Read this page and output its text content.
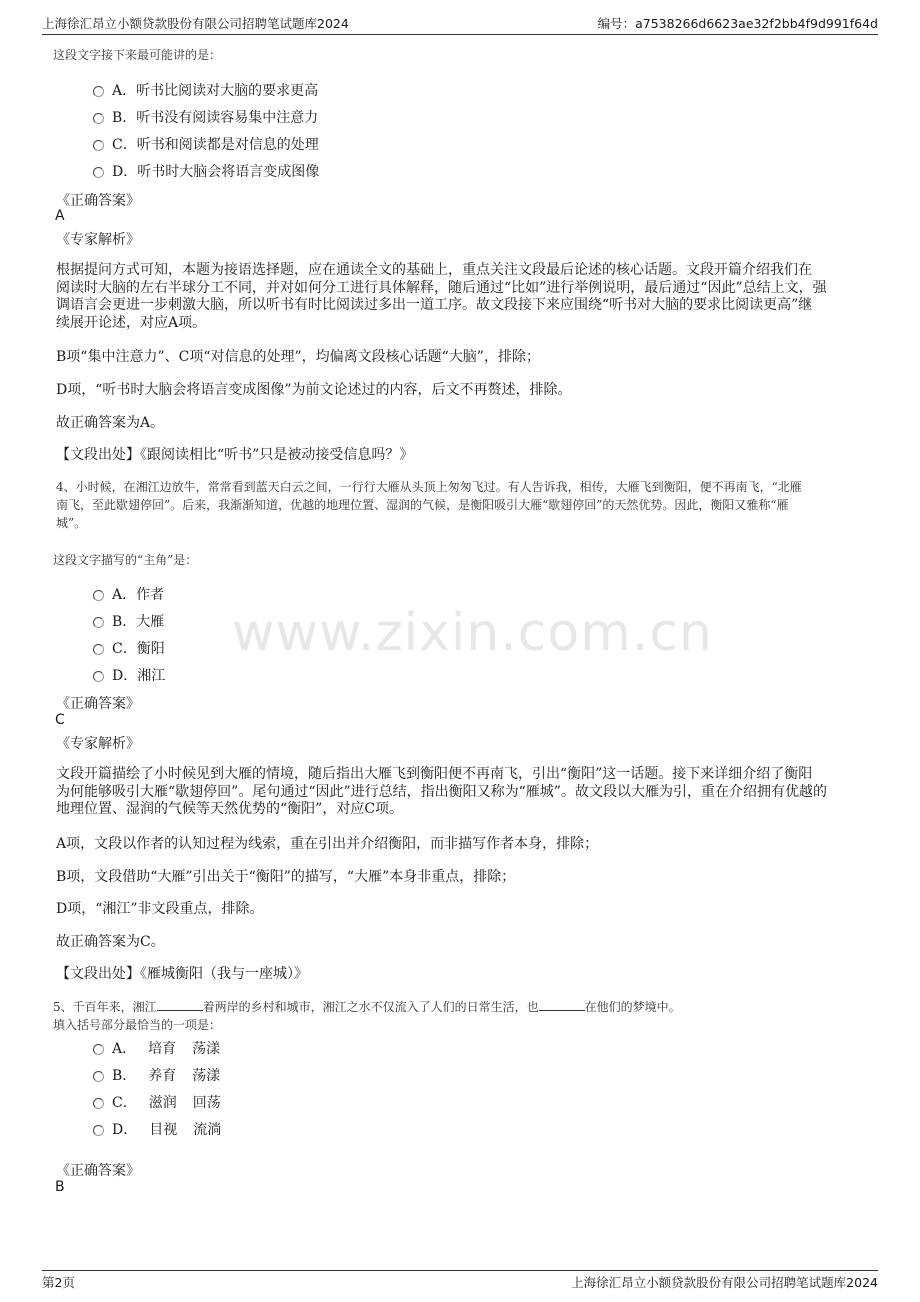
上海徐汇昂立小额贷款股份有限公司招聘笔试题库2024	编号：a7538266d6623ae32f2bb4f9d991f64d
www.zixin.com.cn
这段文字接下来最可能讲的是：
A．听书比阅读对大脑的要求更高
B．听书没有阅读容易集中注意力
C．听书和阅读都是对信息的处理
D．听书时大脑会将语言变成图像
《正确答案》
A
《专家解析》
根据提问方式可知，本题为接语选择题，应在通读全文的基础上，重点关注文段最后论述的核心话题。文段开篇介绍我们在
阅读时大脑的左右半球分工不同，并对如何分工进行具体解释，随后通过“比如”进行举例说明，最后通过“因此”总结上文，强
调语言会更进一步刺激大脑，所以听书有时比阅读过多出一道工序。故文段接下来应围绕“听书对大脑的要求比阅读更高”继
续展开论述，对应A项。
B项“集中注意力”、C项“对信息的处理”，均偏离文段核心话题“大脑”，排除；
D项，“听书时大脑会将语言变成图像”为前文论述过的内容，后文不再赘述，排除。
故正确答案为A。
【文段出处】《跟阅读相比“听书”只是被动接受信息吗？》
4、小时候，在湘江边放牛，常常看到蓝天白云之间，一行行大雁从头顶上匆匆飞过。有人告诉我，相传，大雁飞到衡阳，便不再南飞，“北雁
南飞，至此歇翅停回”。后来，我渐渐知道，优越的地理位置、湿润的气候，是衡阳吸引大雁“歇翅停回”的天然优势。因此，衡阳又雅称“雁
城”。
这段文字描写的“主角”是：
A．作者
B．大雁
C．衡阳
D．湘江
《正确答案》
C
《专家解析》
文段开篇描绘了小时候见到大雁的情境，随后指出大雁飞到衡阳便不再南飞，引出“衡阳”这一话题。接下来详细介绍了衡阳
为何能够吸引大雁“歇翅停回”。尾句通过“因此”进行总结，指出衡阳又称为“雁城”。故文段以大雁为引，重在介绍拥有优越的
地理位置、湿润的气候等天然优势的“衡阳”，对应C项。
A项，文段以作者的认知过程为线索，重在引出并介绍衡阳，而非描写作者本身，排除；
B项，文段借助“大雁”引出关于“衡阳”的描写，“大雁”本身非重点，排除；
D项，“湘江”非文段重点，排除。
故正确答案为C。
【文段出处】《雁城衡阳（我与一座城）》
5、千百年来，湘江	着两岸的乡村和城市，湘江之水不仅流入了人们的日常生活，也	在他们的梦境中。
填入括号部分最恰当的一项是：
A． 培育 荡漾
B． 养育 荡漾
C． 滋润 回荡
D． 目视 流淌
《正确答案》
B
第2页	上海徐汇昂立小额贷款股份有限公司招聘笔试题库2024
